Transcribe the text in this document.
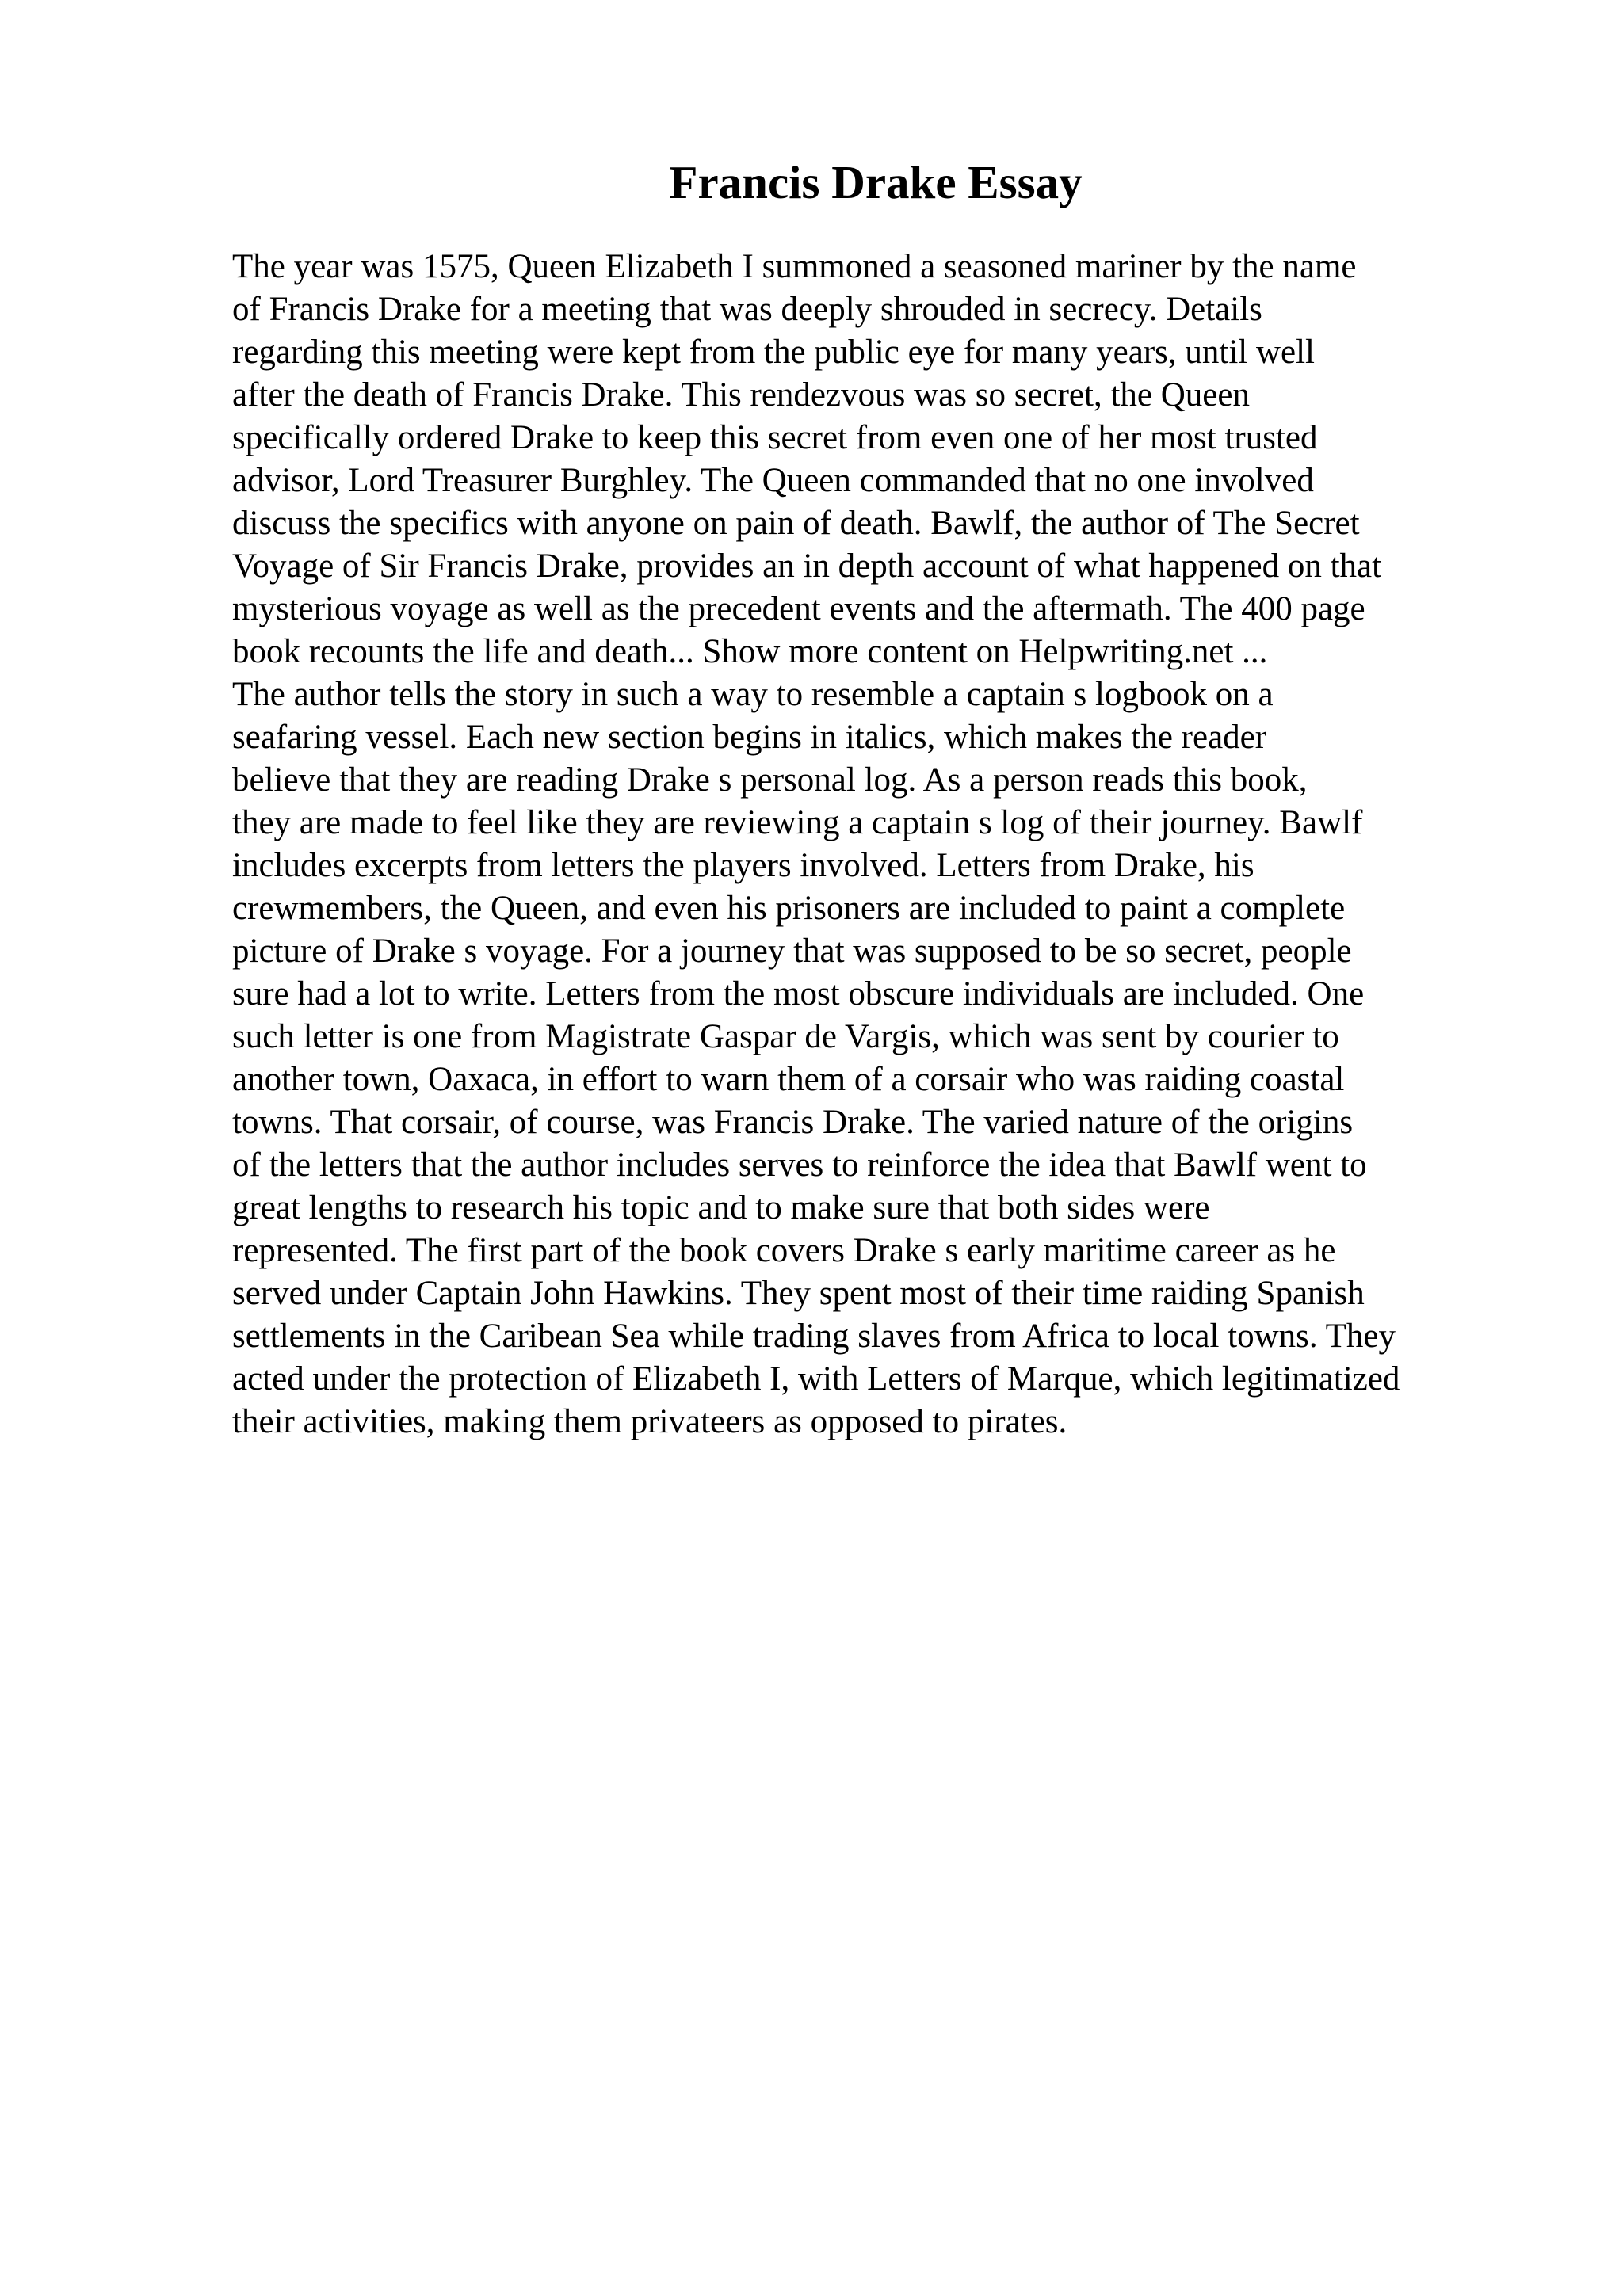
Francis Drake Essay
The year was 1575, Queen Elizabeth I summoned a seasoned mariner by the name
of Francis Drake for a meeting that was deeply shrouded in secrecy. Details
regarding this meeting were kept from the public eye for many years, until well
after the death of Francis Drake. This rendezvous was so secret, the Queen
specifically ordered Drake to keep this secret from even one of her most trusted
advisor, Lord Treasurer Burghley. The Queen commanded that no one involved
discuss the specifics with anyone on pain of death. Bawlf, the author of The Secret
Voyage of Sir Francis Drake, provides an in depth account of what happened on that
mysterious voyage as well as the precedent events and the aftermath. The 400 page
book recounts the life and death... Show more content on Helpwriting.net ...
The author tells the story in such a way to resemble a captain s logbook on a
seafaring vessel. Each new section begins in italics, which makes the reader
believe that they are reading Drake s personal log. As a person reads this book,
they are made to feel like they are reviewing a captain s log of their journey. Bawlf
includes excerpts from letters the players involved. Letters from Drake, his
crewmembers, the Queen, and even his prisoners are included to paint a complete
picture of Drake s voyage. For a journey that was supposed to be so secret, people
sure had a lot to write. Letters from the most obscure individuals are included. One
such letter is one from Magistrate Gaspar de Vargis, which was sent by courier to
another town, Oaxaca, in effort to warn them of a corsair who was raiding coastal
towns. That corsair, of course, was Francis Drake. The varied nature of the origins
of the letters that the author includes serves to reinforce the idea that Bawlf went to
great lengths to research his topic and to make sure that both sides were
represented. The first part of the book covers Drake s early maritime career as he
served under Captain John Hawkins. They spent most of their time raiding Spanish
settlements in the Caribean Sea while trading slaves from Africa to local towns. They
acted under the protection of Elizabeth I, with Letters of Marque, which legitimatized
their activities, making them privateers as opposed to pirates.
